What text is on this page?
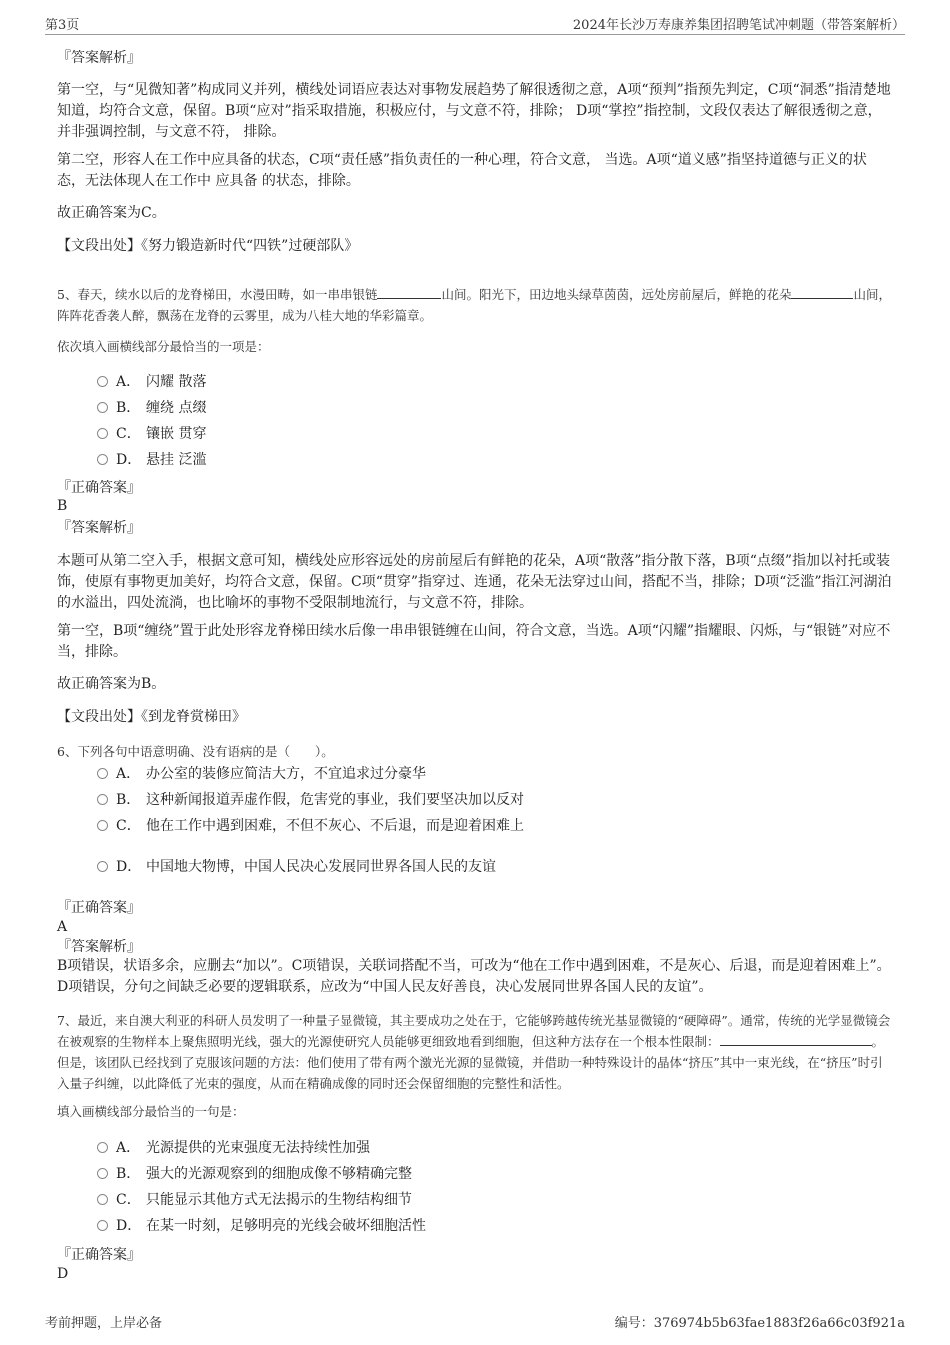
第3页	2024年长沙万寿康养集团招聘笔试冲刺题（带答案解析）
『答案解析』
第一空，与“见微知著”构成同义并列，横线处词语应表达对事物发展趋势了解很透彻之意，A项“预判”指预先判定，C项“洞悉”指清楚地知道，均符合文意，保留。B项“应对”指采取措施，积极应付，与文意不符，排除； D项“掌控”指控制，文段仅表达了解很透彻之意，并非强调控制，与文意不符， 排除。
第二空，形容人在工作中应具备的状态，C项“责任感”指负责任的一种心理，符合文意， 当选。A项“道义感”指坚持道德与正义的状态，无法体现人在工作中 应具备 的状态，排除。
故正确答案为C。
【文段出处】《努力锻造新时代“四铁”过硬部队》
5、春天，续水以后的龙脊梯田，水漫田畴，如一串串银链	山间。阳光下，田边地头绿草茵茵，远处房前屋后，鲜艳的花朵	山间，阵阵花香袭人醉，飘荡在龙脊的云雾里，成为八桂大地的华彩篇章。
依次填入画横线部分最恰当的一项是：
A． 闪耀 散落
B． 缠绕 点缀
C． 镶嵌 贯穿
D． 悬挂 泛滥
『正确答案』
B
『答案解析』
本题可从第二空入手，根据文意可知，横线处应形容远处的房前屋后有鲜艳的花朵，A项“散落”指分散下落，B项“点缀”指加以衬托或装饰，使原有事物更加美好，均符合文意，保留。C项“贯穿”指穿过、连通，花朵无法穿过山间，搭配不当，排除；D项“泛滥”指江河湖泊的水溢出，四处流淌，也比喻坏的事物不受限制地流行，与文意不符，排除。
第一空，B项“缠绕”置于此处形容龙脊梯田续水后像一串串银链缠在山间，符合文意，当选。A项“闪耀”指耀眼、闪烁，与“银链”对应不当，排除。
故正确答案为B。
【文段出处】《到龙脊赏梯田》
6、下列各句中语意明确、没有语病的是（　　）。
A． 办公室的装修应简洁大方，不宜追求过分豪华
B． 这种新闻报道弄虚作假，危害党的事业，我们要坚决加以反对
C． 他在工作中遇到困难，不但不灰心、不后退，而是迎着困难上
D． 中国地大物博，中国人民决心发展同世界各国人民的友谊
『正确答案』
A
『答案解析』
B项错误，状语多余，应删去“加以”。C项错误，关联词搭配不当，可改为“他在工作中遇到困难，不是灰心、后退，而是迎着困难上”。D项错误，分句之间缺乏必要的逻辑联系，应改为“中国人民友好善良，决心发展同世界各国人民的友谊”。
7、最近，来自澳大利亚的科研人员发明了一种量子显微镜，其主要成功之处在于，它能够跨越传统光基显微镜的“硬障碍”。通常，传统的光学显微镜会在被观察的生物样本上聚焦照明光线，强大的光源使研究人员能够更细致地看到细胞，但这种方法存在一个根本性限制：	。但是，该团队已经找到了克服该问题的方法：他们使用了带有两个激光光源的显微镜，并借助一种特殊设计的晶体“挤压”其中一束光线，在“挤压”时引入量子纠缠，以此降低了光束的强度，从而在精确成像的同时还会保留细胞的完整性和活性。
填入画横线部分最恰当的一句是：
A． 光源提供的光束强度无法持续性加强
B． 强大的光源观察到的细胞成像不够精确完整
C． 只能显示其他方式无法揭示的生物结构细节
D． 在某一时刻，足够明亮的光线会破坏细胞活性
『正确答案』
D
考前押题，上岸必备	编号：376974b5b63fae1883f26a66c03f921a
